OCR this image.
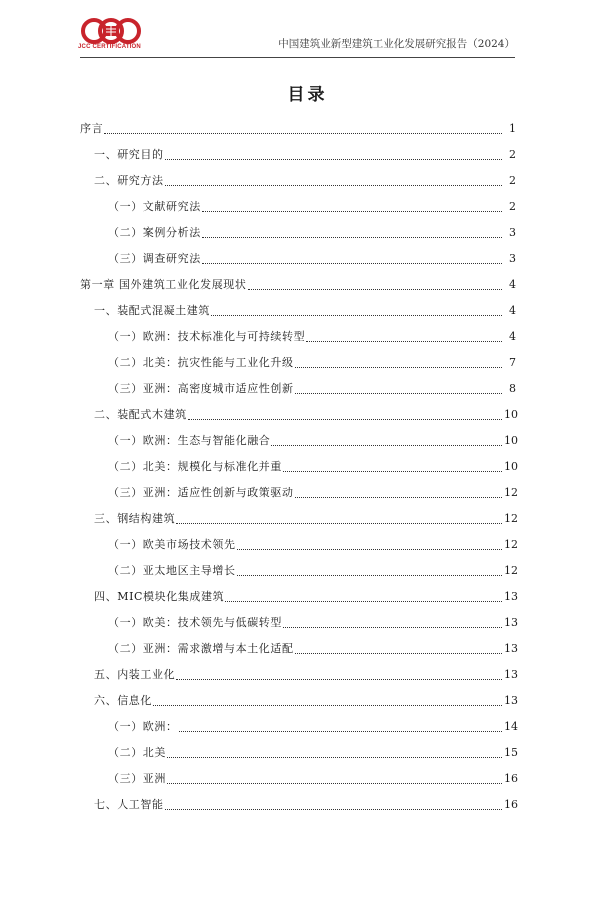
JCC CERTIFICATION	中国建筑业新型建筑工业化发展研究报告（2024）
目录
序言	1
一、研究目的	2
二、研究方法	2
（一）文献研究法	2
（二）案例分析法	3
（三）调查研究法	3
第一章 国外建筑工业化发展现状	4
一、装配式混凝土建筑	4
（一）欧洲：技术标准化与可持续转型	4
（二）北美：抗灾性能与工业化升级	7
（三）亚洲：高密度城市适应性创新	8
二、装配式木建筑	10
（一）欧洲：生态与智能化融合	10
（二）北美：规模化与标准化并重	10
（三）亚洲：适应性创新与政策驱动	12
三、钢结构建筑	12
（一）欧美市场技术领先	12
（二）亚太地区主导增长	12
四、MIC模块化集成建筑	13
（一）欧美：技术领先与低碳转型	13
（二）亚洲：需求激增与本土化适配	13
五、内装工业化	13
六、信息化	13
（一）欧洲：	14
（二）北美	15
（三）亚洲	16
七、人工智能	16
